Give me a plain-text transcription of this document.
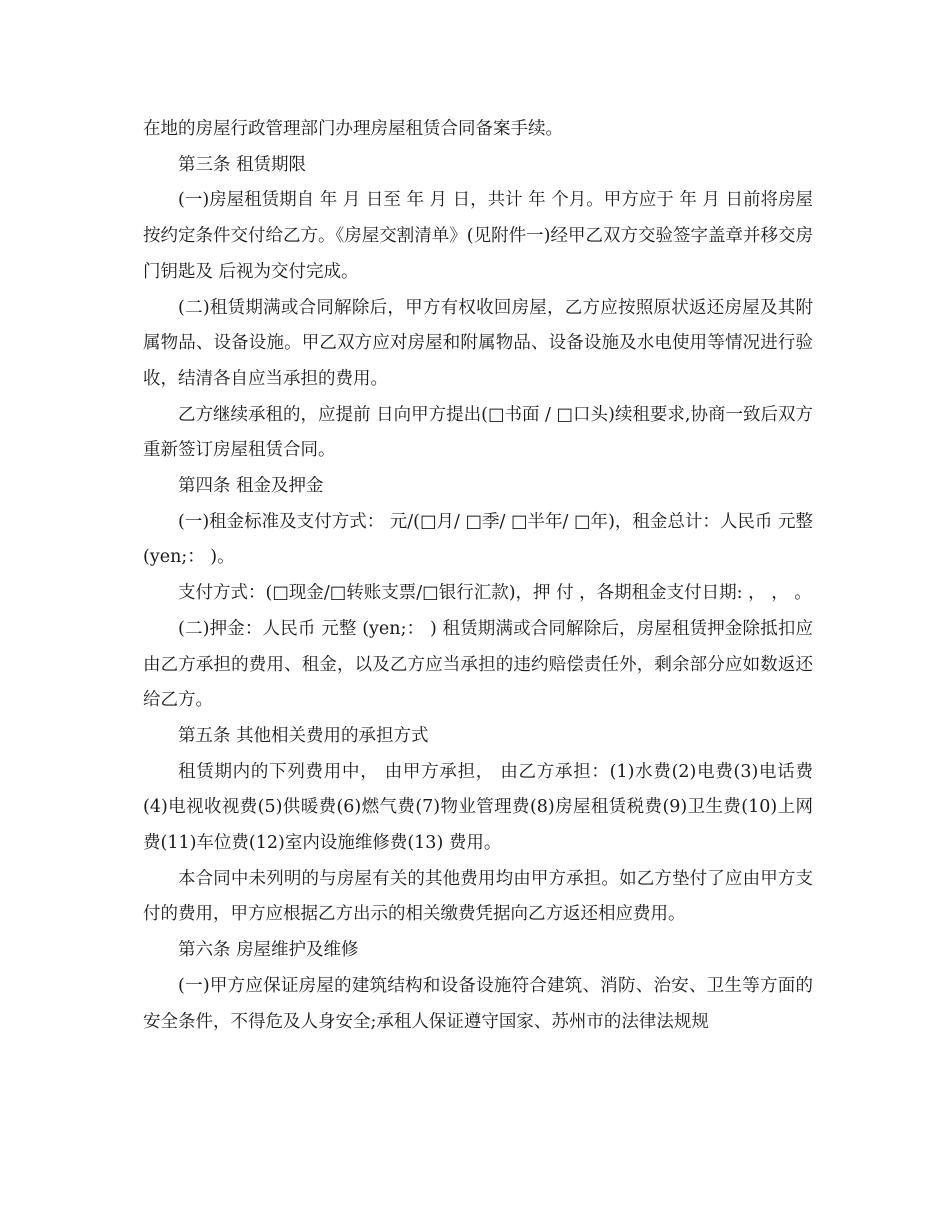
在地的房屋行政管理部门办理房屋租赁合同备案手续。

第三条 租赁期限

(一)房屋租赁期自 年 月 日至 年 月 日，共计 年 个月。甲方应于 年 月 日前将房屋按约定条件交付给乙方。《房屋交割清单》(见附件一)经甲乙双方交验签字盖章并移交房门钥匙及 后视为交付完成。

(二)租赁期满或合同解除后，甲方有权收回房屋，乙方应按照原状返还房屋及其附属物品、设备设施。甲乙双方应对房屋和附属物品、设备设施及水电使用等情况进行验收，结清各自应当承担的费用。

乙方继续承租的，应提前 日向甲方提出(□书面 / □口头)续租要求,协商一致后双方重新签订房屋租赁合同。

第四条 租金及押金

(一)租金标准及支付方式： 元/(□月/ □季/ □半年/ □年)，租金总计：人民币 元整(yen;： )。

支付方式：(□现金/□转账支票/□银行汇款)，押 付 ，各期租金支付日期: ， ， 。

(二)押金：人民币 元整 (yen;： ) 租赁期满或合同解除后，房屋租赁押金除抵扣应由乙方承担的费用、租金，以及乙方应当承担的违约赔偿责任外，剩余部分应如数返还给乙方。

第五条 其他相关费用的承担方式

租赁期内的下列费用中， 由甲方承担， 由乙方承担：(1)水费(2)电费(3)电话费(4)电视收视费(5)供暖费(6)燃气费(7)物业管理费(8)房屋租赁税费(9)卫生费(10)上网费(11)车位费(12)室内设施维修费(13) 费用。

本合同中未列明的与房屋有关的其他费用均由甲方承担。如乙方垫付了应由甲方支付的费用，甲方应根据乙方出示的相关缴费凭据向乙方返还相应费用。

第六条 房屋维护及维修

(一)甲方应保证房屋的建筑结构和设备设施符合建筑、消防、治安、卫生等方面的安全条件，不得危及人身安全;承租人保证遵守国家、苏州市的法律法规规
